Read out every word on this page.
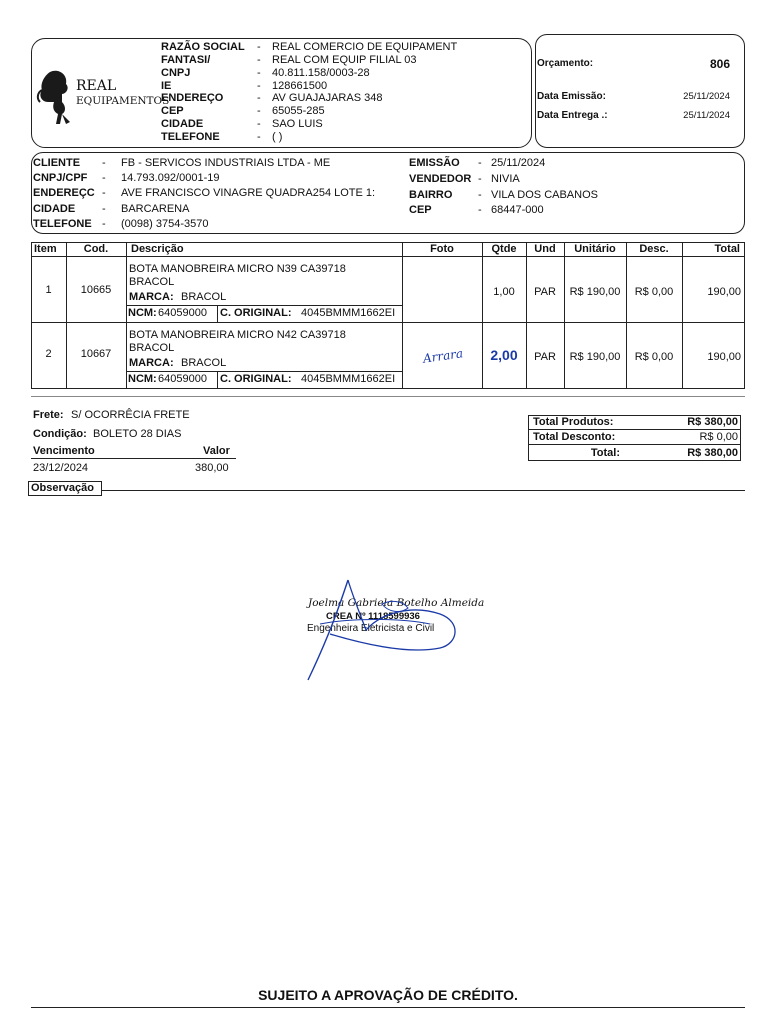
REAL
EQUIPAMENTOS
RAZÃO SOCIAL - REAL COMERCIO DE EQUIPAMENT
FANTASI/	- REAL COM EQUIP FILIAL 03
CNPJ	- 40.811.158/0003-28
IE	- 128661500
ENDEREÇO	- AV GUAJAJARAS 348
CEP	- 65055-285
CIDADE	- SAO LUIS
TELEFONE	- ( )
Orçamento:	806
Data Emissão:	25/11/2024
Data Entrega .:	25/11/2024
CLIENTE - FB - SERVICOS INDUSTRIAIS LTDA - ME
CNPJ/CPF - 14.793.092/0001-19
ENDEREÇC - AVE FRANCISCO VINAGRE QUADRA254 LOTE 1:
CIDADE - BARCARENA
TELEFONE - (0098) 3754-3570
EMISSÃO - 25/11/2024
VENDEDOR - NIVIA
BAIRRO - VILA DOS CABANOS
CEP	- 68447-000
Item	Cod.	Descrição	Foto	Qtde	Und	Unitário	Desc.	Total
1	10665
BOTA MANOBREIRA MICRO N39 CA39718
BRACOL
MARCA: BRACOL
NCM: 64059000 C. ORIGINAL: 4045BMMM1662EI
1,00	PAR	R$ 190,00	R$ 0,00	190,00
2	10667
BOTA MANOBREIRA MICRO N42 CA39718
BRACOL
MARCA: BRACOL
NCM: 64059000 C. ORIGINAL: 4045BMMM1662EI
Arrara	2,00	PAR	R$ 190,00	R$ 0,00	190,00
Frete: S/ OCORRÊCIA FRETE
Condição: BOLETO 28 DIAS
Vencimento	Valor
23/12/2024	380,00
Total Produtos:	R$ 380,00
Total Desconto:	R$ 0,00
Total:	R$ 380,00
Observação
Joelma Gabriela Botelho Almeida
CREA Nº 1118599936
Engenheira Eletricista e Civil
SUJEITO A APROVAÇÃO DE CRÉDITO.
